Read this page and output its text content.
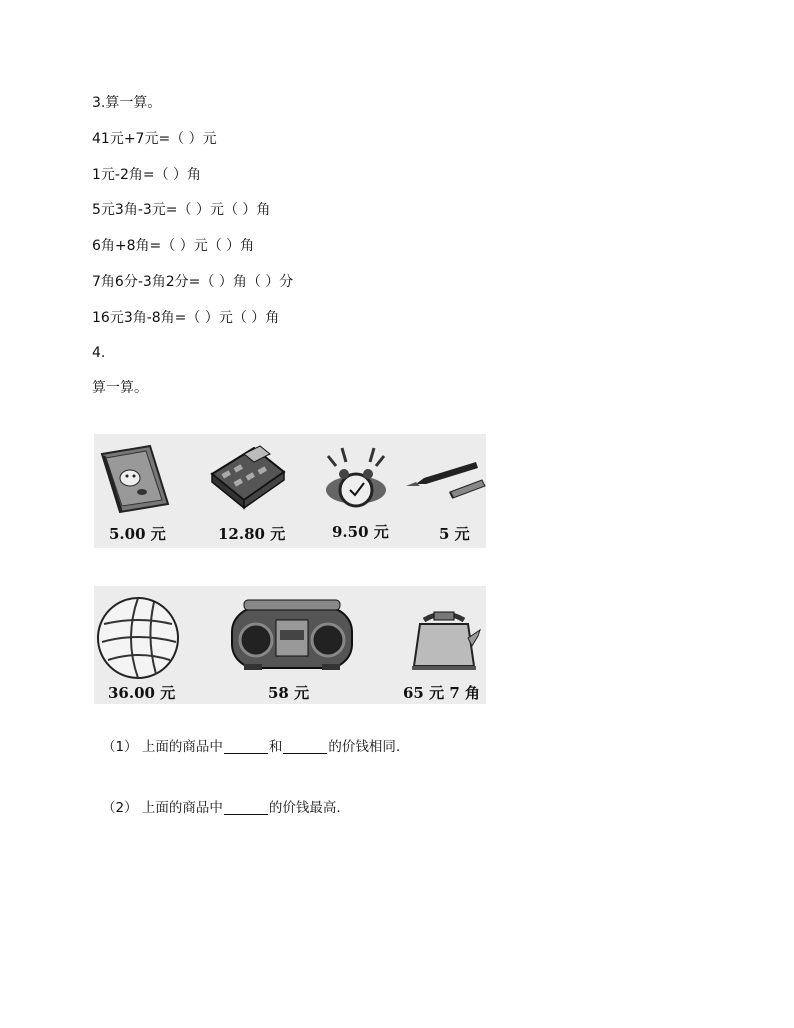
3.算一算。
41元+7元=（ ）元
1元-2角=（ ）角
5元3角-3元=（ ）元（ ）角
6角+8角=（ ）元（ ）角
7角6分-3角2分=（ ）角（ ）分
16元3角-8角=（ ）元（ ）角
4.
算一算。
5.00 元	12.80 元	9.50 元	5 元
36.00 元	58 元	65 元 7 角
（1） 上面的商品中	和	的价钱相同.
（2） 上面的商品中	的价钱最高.
